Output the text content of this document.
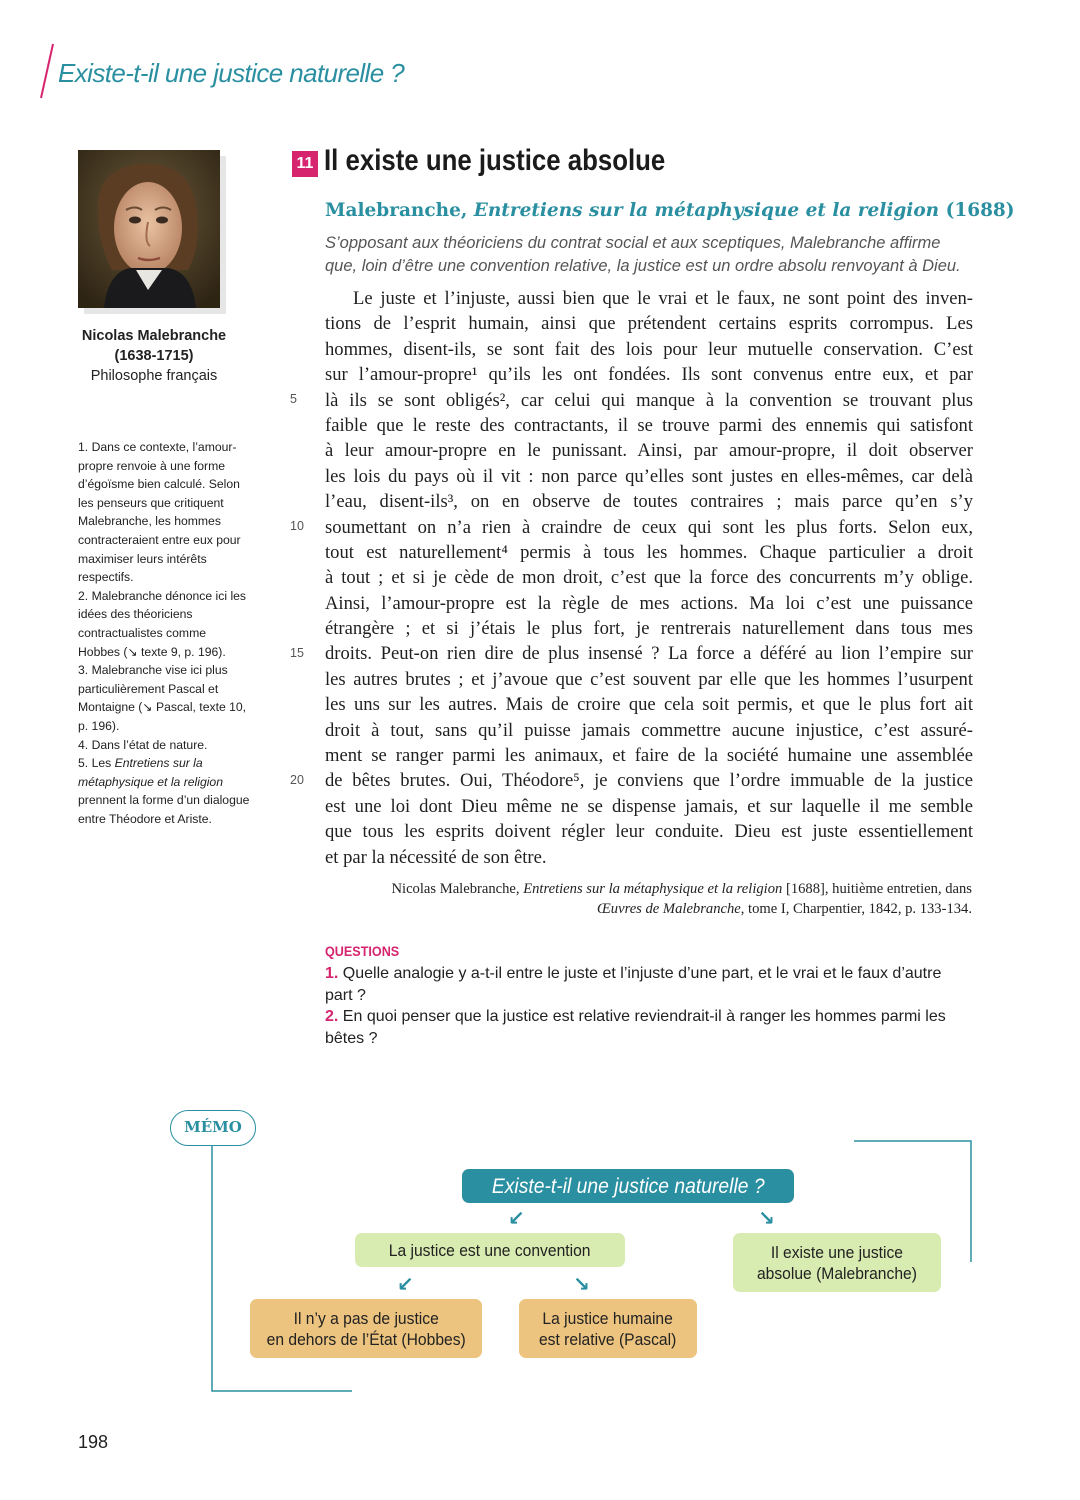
Existe-t-il une justice naturelle ?
Nicolas Malebranche
(1638-1715)
Philosophe français

1. Dans ce contexte, l’amour-propre renvoie à une forme d’égoïsme bien calculé. Selon les penseurs que critiquent Malebranche, les hommes contracteraient entre eux pour maximiser leurs intérêts respectifs.

2. Malebranche dénonce ici les idées des théoriciens contractualistes comme Hobbes (↘ texte 9, p. 196).

3. Malebranche vise ici plus particulièrement Pascal et Montaigne (↘ Pascal, texte 10, p. 196).

4. Dans l’état de nature.

5. Les Entretiens sur la métaphysique et la religion prennent la forme d’un dialogue entre Théodore et Ariste.

11 Il existe une justice absolue
Malebranche, Entretiens sur la métaphysique et la religion (1688)
S’opposant aux théoriciens du contrat social et aux sceptiques, Malebranche affirme que, loin d’être une convention relative, la justice est un ordre absolu renvoyant à Dieu.
5
10
15
20
Le juste et l’injuste, aussi bien que le vrai et le faux, ne sont point des inven-
tions de l’esprit humain, ainsi que prétendent certains esprits corrompus. Les
hommes, disent-ils, se sont fait des lois pour leur mutuelle conservation. C’est
sur l’amour-propre¹ qu’ils les ont fondées. Ils sont convenus entre eux, et par
là ils se sont obligés², car celui qui manque à la convention se trouvant plus
faible que le reste des contractants, il se trouve parmi des ennemis qui satisfont
à leur amour-propre en le punissant. Ainsi, par amour-propre, il doit observer
les lois du pays où il vit : non parce qu’elles sont justes en elles-mêmes, car delà
l’eau, disent-ils³, on en observe de toutes contraires ; mais parce qu’en s’y
soumettant on n’a rien à craindre de ceux qui sont les plus forts. Selon eux,
tout est naturellement⁴ permis à tous les hommes. Chaque particulier a droit
à tout ; et si je cède de mon droit, c’est que la force des concurrents m’y oblige.
Ainsi, l’amour-propre est la règle de mes actions. Ma loi c’est une puissance
étrangère ; et si j’étais le plus fort, je rentrerais naturellement dans tous mes
droits. Peut-on rien dire de plus insensé ? La force a déféré au lion l’empire sur
les autres brutes ; et j’avoue que c’est souvent par elle que les hommes l’usurpent
les uns sur les autres. Mais de croire que cela soit permis, et que le plus fort ait
droit à tout, sans qu’il puisse jamais commettre aucune injustice, c’est assuré-
ment se ranger parmi les animaux, et faire de la société humaine une assemblée
de bêtes brutes. Oui, Théodore⁵, je conviens que l’ordre immuable de la justice
est une loi dont Dieu même ne se dispense jamais, et sur laquelle il me semble
que tous les esprits doivent régler leur conduite. Dieu est juste essentiellement
et par la nécessité de son être.
Nicolas Malebranche, Entretiens sur la métaphysique et la religion [1688], huitième entretien, dans
Œuvres de Malebranche, tome I, Charpentier, 1842, p. 133-134.
QUESTIONS

1. Quelle analogie y a-t-il entre le juste et l’injuste d’une part, et le vrai et le faux d’autre part ?

2. En quoi penser que la justice est relative reviendrait-il à ranger les hommes parmi les bêtes ?

MÉMO
Existe-t-il une justice naturelle ?
↙	↘
La justice est une convention	Il existe une justice
absolue (Malebranche)
↙	↘
Il n’y a pas de justice
en dehors de l’État (Hobbes)
La justice humaine
est relative (Pascal)
198
